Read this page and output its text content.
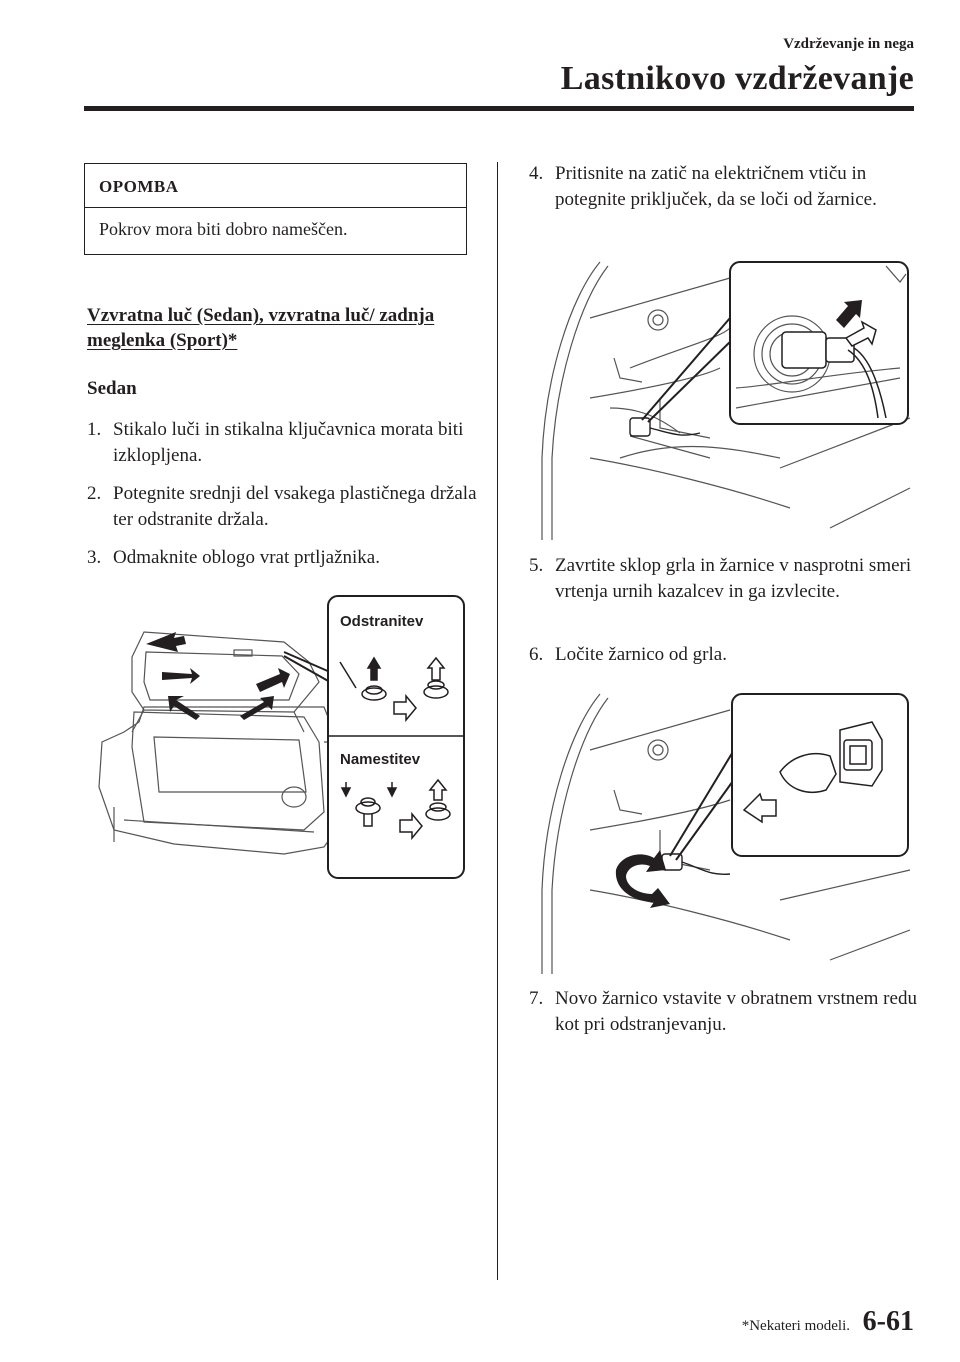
Vzdrževanje in nega
Lastnikovo vzdrževanje
OPOMBA
Pokrov mora biti dobro nameščen.
Vzvratna luč (Sedan), vzvratna luč/ zadnja meglenka (Sport)*
Sedan
1. Stikalo luči in stikalna ključavnica morata biti izklopljena.
2. Potegnite srednji del vsakega plastičnega držala ter odstranite držala.
3. Odmaknite oblogo vrat prtljažnika.
Odstranitev
Namestitev
4. Pritisnite na zatič na električnem vtiču in potegnite priključek, da se loči od žarnice.
5. Zavrtite sklop grla in žarnice v nasprotni smeri vrtenja urnih kazalcev in ga izvlecite.
6. Ločite žarnico od grla.
7. Novo žarnico vstavite v obratnem vrstnem redu kot pri odstranjevanju.
*Nekateri modeli. 6-61
